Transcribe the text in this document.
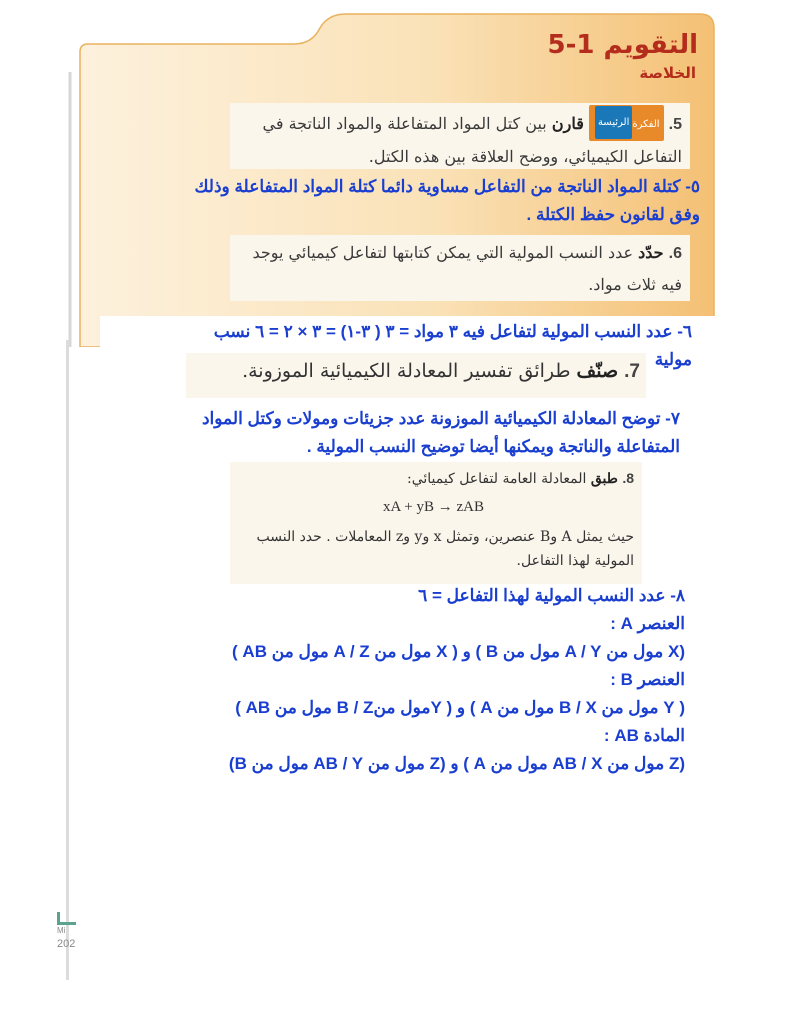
التقويم 1-5
الخلاصة
5. الفكرةالرئيسة قارن بين كتل المواد المتفاعلة والمواد الناتجة في التفاعل الكيميائي، ووضح العلاقة بين هذه الكتل.
٥- كتلة المواد الناتجة من التفاعل مساوية دائما كتلة المواد المتفاعلة وذلك
وفق لقانون حفظ الكتلة .
6. حدّد عدد النسب المولية التي يمكن كتابتها لتفاعل كيميائي يوجد فيه ثلاث مواد.
٦- عدد النسب المولية لتفاعل فيه ٣ مواد = ٣ ( ٣-١) = ٣ × ٢ = ٦ نسب
مولية
7. صنّف طرائق تفسير المعادلة الكيميائية الموزونة.
٧- توضح المعادلة الكيميائية الموزونة عدد جزيئات ومولات وكتل المواد
المتفاعلة والناتجة ويمكنها أيضا توضيح النسب المولية .
8. طبق المعادلة العامة لتفاعل كيميائي:
xA + yB → zAB
حيث يمثل A وB عنصرين، وتمثل x وy وz المعاملات . حدد النسب المولية لهذا التفاعل.
٨- عدد النسب المولية لهذا التفاعل = ٦
العنصر A :
(X مول من A / Y مول من B ) و ( X مول من A / Z مول من AB )
العنصر B :
( Y مول من B / X مول من A ) و ( Yمول منB / Z مول من AB )
المادة AB :
(Z مول من AB / X مول من A ) و (Z مول من AB / Y مول من B)
Mi
202
